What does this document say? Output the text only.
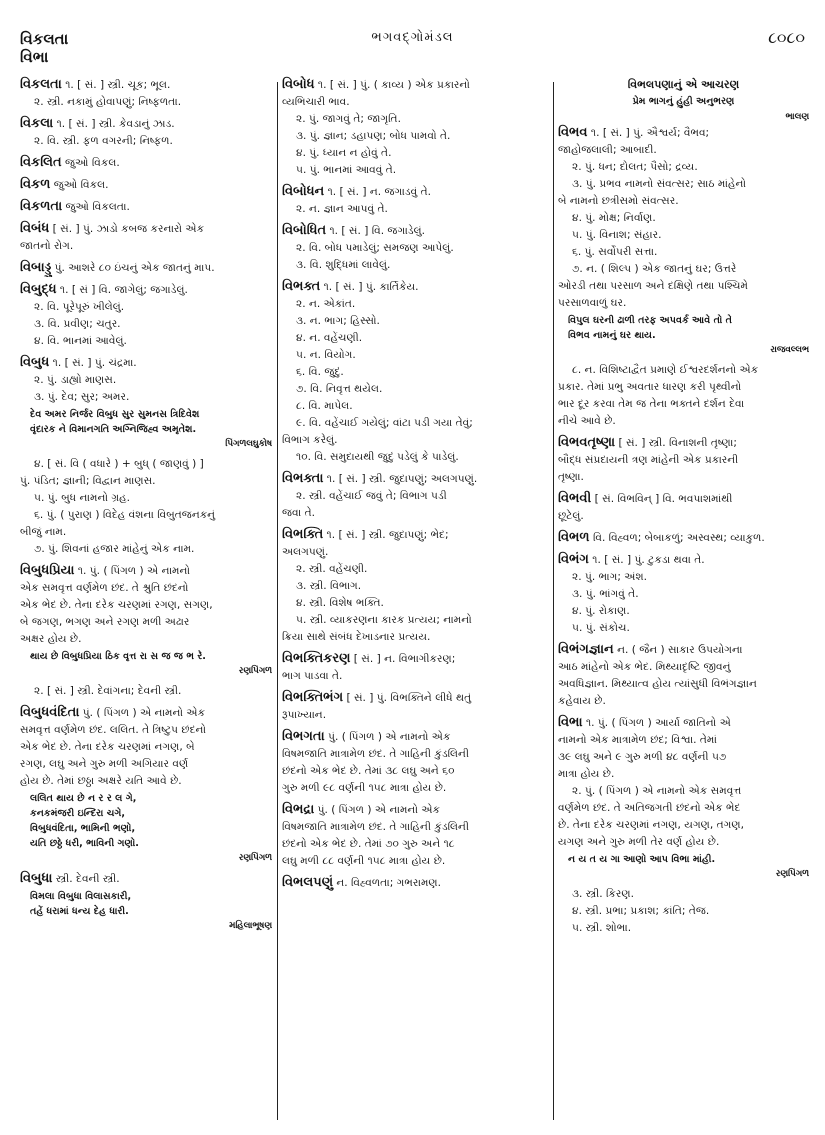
વિકલતા
વિભા
ભગવદ્ગોમંડલ	૮૦૮૦
વિકલતા ૧. [ સં. ] સ્ત્રી. ચૂક; ભૂલ.
૨. સ્ત્રી. નકામું હોવાપણું; નિષ્ફળતા.
વિકલા ૧. [ સં. ] સ્ત્રી. કેવડાનું ઝાડ.
૨. વિ. સ્ત્રી. ફળ વગરની; નિષ્ફળ.
વિકલિત જુઓ વિકલ.
વિકળ જુઓ વિકલ.
વિકળતા જુઓ વિકલતા.
વિબંધ [ સં. ] પું. ઝાડો કબજ કરનારો એક
જાતનો રોગ.
વિબાડ્ડુ પું. આશરે ૮૦ ઇંચનું એક જાતનું માપ.
વિબુદ્ધ ૧. [ સં ] વિ. જાગેલું; જગાડેલું.
૨. વિ. પૂરેપૂરું ખીલેલું.
૩. વિ. પ્રવીણ; ચતુર.
૪. વિ. ભાનમાં આવેલું.
વિબુધ ૧. [ સં. ] પું. ચંદ્રમા.
૨. પું. ડાહ્યો માણસ.
૩. પું. દેવ; સુર; અમર.
દેવ અમર નિર્જર વિબુધ સુર સુમનસ ત્રિદિવેશ
વૃંદારક ને વિમાનગતિ અગ્નિજિહ્વ અમૃતેશ.
પિંગળલઘુકોષ
૪. [ સં. વિ ( વધારે ) + બુધ્ ( જાણવું ) ]
પું. પંડિત; જ્ઞાની; વિદ્વાન માણસ.
૫. પું. બુધ નામનો ગ્રહ.
૬. પું. ( પુરાણ ) વિદેહ વંશના વિબુતજનકનું
બીજું નામ.
૭. પું. શિવનાં હજાર માંહેનું એક નામ.
વિબુધપ્રિયા ૧. પું. ( પિંગળ ) એ નામનો
એક સમવૃત્ત વર્ણમેળ છંદ. તે શ્રુતિ છંદનો
એક ભેદ છે. તેના દરેક ચરણમાં રગણ, સગણ,
બે જગણ, ભગણ અને રગણ મળી અઢાર
અક્ષર હોય છે.
થાય છે વિબુધપ્રિયા ઠિક વૃત્ત રા સ જ જ ભ રે.
રણપિંગળ
૨. [ સં. ] સ્ત્રી. દેવાંગના; દેવની સ્ત્રી.
વિબુધવંદિતા પું. ( પિંગળ ) એ નામનો એક
સમવૃત્ત વર્ણમેળ છંદ. લલિત. તે ત્રિષ્ટુપ છંદનો
એક ભેદ છે. તેના દરેક ચરણમાં નગણ, બે
રગણ, લઘુ અને ગુરુ મળી અગિયાર વર્ણ
હોય છે. તેમાં છઠ્ઠા અક્ષરે યતિ આવે છે.
લલિત થાય છે ન ર ર લ ગે,
કનકમંજરી ઇન્દિરા ચગે,
વિબુધવંદિતા, ભામિની ભણો,
યતિ છઠ્ઠે ધરી, ભાવિની ગણો.
રણપિંગળ
વિબુધા સ્ત્રી. દેવની સ્ત્રી.
વિમલા વિબુધા વિલાસકારી,
તહેં ધરામાં ધન્ય દેહ ધારી.
મહિલાભૂષણ
વિબોધ ૧. [ સં. ] પું. ( કાવ્ય ) એક પ્રકારનો
વ્યભિચારી ભાવ.
૨. પું. જાગવું તે; જાગૃતિ.
૩. પું. જ્ઞાન; ડહાપણ; બોધ પામવો તે.
૪. પું. ધ્યાન ન હોવું તે.
૫. પું. ભાનમાં આવવું તે.
વિબોધન ૧. [ સં. ] ન. જગાડવું તે.
૨. ન. જ્ઞાન આપવું તે.
વિબોધિત ૧. [ સં. ] વિ. જગાડેલું.
૨. વિ. બોધ પમાડેલું; સમજણ આપેલું.
૩. વિ. શુદ્ધિમાં લાવેલું.
વિભક્ત ૧. [ સં. ] પું. કાર્તિકેય.
૨. ન. એકાંત.
૩. ન. ભાગ; હિસ્સો.
૪. ન. વહેંચણી.
૫. ન. વિયોગ.
૬. વિ. જુદું.
૭. વિ. નિવૃત્ત થયેલ.
૮. વિ. માપેલ.
૯. વિ. વહેંચાઈ ગયેલું; વાંટા પડી ગયા તેવું;
વિભાગ કરેલું.
૧૦. વિ. સમુદાયથી જુદું પડેલું કે પાડેલું.
વિભક્તા ૧. [ સં. ] સ્ત્રી. જુદાપણું; અલગપણું.
૨. સ્ત્રી. વહેંચાઈ જવું તે; વિભાગ પડી
જવા તે.
વિભક્તિ ૧. [ સં. ] સ્ત્રી. જુદાપણું; ભેદ;
અલગપણું.
૨. સ્ત્રી. વહેંચણી.
૩. સ્ત્રી. વિભાગ.
૪. સ્ત્રી. વિશેષ ભક્તિ.
૫. સ્ત્રી. વ્યાકરણના કારક પ્રત્યય; નામનો
ક્રિયા સાથે સંબંધ દેખાડનાર પ્રત્યય.
વિભક્તિકરણ [ સં. ] ન. વિભાગીકરણ;
ભાગ પાડવા તે.
વિભક્તિભંગ [ સં. ] પું. વિભક્તિને લીધે થતું
રૂપાખ્યાન.
વિભગતા પું. ( પિંગળ ) એ નામનો એક
વિષમજાતિ માત્રામેળ છંદ. તે ગાહિની કુંડલિની
છંદનો એક ભેદ છે. તેમાં ૩૮ લઘુ અને ૬૦
ગુરુ મળી ૯૮ વર્ણની ૧૫૮ માત્રા હોય છે.
વિભદ્રા પું. ( પિંગળ ) એ નામનો એક
વિષમજાતિ માત્રામેળ છંદ. તે ગાહિની કુંડલિની
છંદનો એક ભેદ છે. તેમાં ૭૦ ગુરુ અને ૧૮
લઘુ મળી ૮૮ વર્ણની ૧૫૮ માત્રા હોય છે.
વિભલપણું ન. વિહ્વળતા; ગભરામણ.
વિભલપણાનું એ આચરણ
પ્રેમ ભાગનું હુંહી અનુભરણ
ભાલણ
વિભવ ૧. [ સં. ] પું. ઐશ્વર્ય; વૈભવ;
જાહોજલાલી; આબાદી.
૨. પું. ધન; દોલત; પૈસો; દ્રવ્ય.
૩. પું. પ્રભવ નામનો સંવત્સર; સાઠ માંહેનો
બે નામનો છત્રીસમો સંવત્સર.
૪. પું. મોક્ષ; નિર્વાણ.
૫. પું. વિનાશ; સંહાર.
૬. પું. સર્વોપરી સત્તા.
૭. ન. ( શિલ્પ ) એક જાતનું ઘર; ઉત્તરે
ઓરડી તથા પરસાળ અને દક્ષિણે તથા પશ્ચિમે
પરસાળવાળું ઘર.
વિપુલ ઘરની ઢાળી તરફ અપવર્ક આવે તો તે
વિભવ નામનું ઘર થાય.
રાજવલ્લભ
૮. ન. વિશિષ્ટાદ્વૈત પ્રમાણે ઈશ્વરદર્શનનો એક
પ્રકાર. તેમાં પ્રભુ અવતાર ધારણ કરી પૃથ્વીનો
ભાર દૂર કરવા તેમ જ તેના ભક્તને દર્શન દેવા
નીચે આવે છે.
વિભવતૃષ્ણા [ સં. ] સ્ત્રી. વિનાશની તૃષ્ણા;
બૌદ્ધ સંપ્રદાયની ત્રણ માંહેની એક પ્રકારની
તૃષ્ણા.
વિભવી [ સં. વિભવિન્ ] વિ. ભવપાશમાંથી
છૂટેલું.
વિભળ વિ. વિહ્વળ; બેબાકળું; અસ્વસ્થ; વ્યાકુળ.
વિભંગ ૧. [ સં. ] પું. ટુકડા થવા તે.
૨. પું. ભાગ; અંશ.
૩. પું. ભાંગવું તે.
૪. પું. રોકાણ.
૫. પું. સંકોચ.
વિભંગજ્ઞાન ન. ( જૈન ) સાકાર ઉપયોગના
આઠ માંહેનો એક ભેદ. મિથ્યાદૃષ્ટિ જીવનું
અવધિજ્ઞાન. મિથ્યાત્વ હોય ત્યાંસુધી વિભંગજ્ઞાન
કહેવાય છે.
વિભા ૧. પું. ( પિંગળ ) આર્યા જાતિનો એ
નામનો એક માત્રામેળ છંદ; વિશ્વા. તેમાં
૩૯ લઘુ અને ૯ ગુરુ મળી ૪૮ વર્ણની ૫૭
માત્રા હોય છે.
૨. પું. ( પિંગળ ) એ નામનો એક સમવૃત્ત
વર્ણમેળ છંદ. તે અતિજગતી છંદનો એક ભેદ
છે. તેના દરેક ચરણમાં નગણ, યગણ, તગણ,
યગણ અને ગુરુ મળી તેર વર્ણ હોય છે.
ન ય ત ય ગા આણો આપ વિભા માંહી.
રણપિંગળ
૩. સ્ત્રી. કિરણ.
૪. સ્ત્રી. પ્રભા; પ્રકાશ; કાંતિ; તેજ.
૫. સ્ત્રી. શોભા.
